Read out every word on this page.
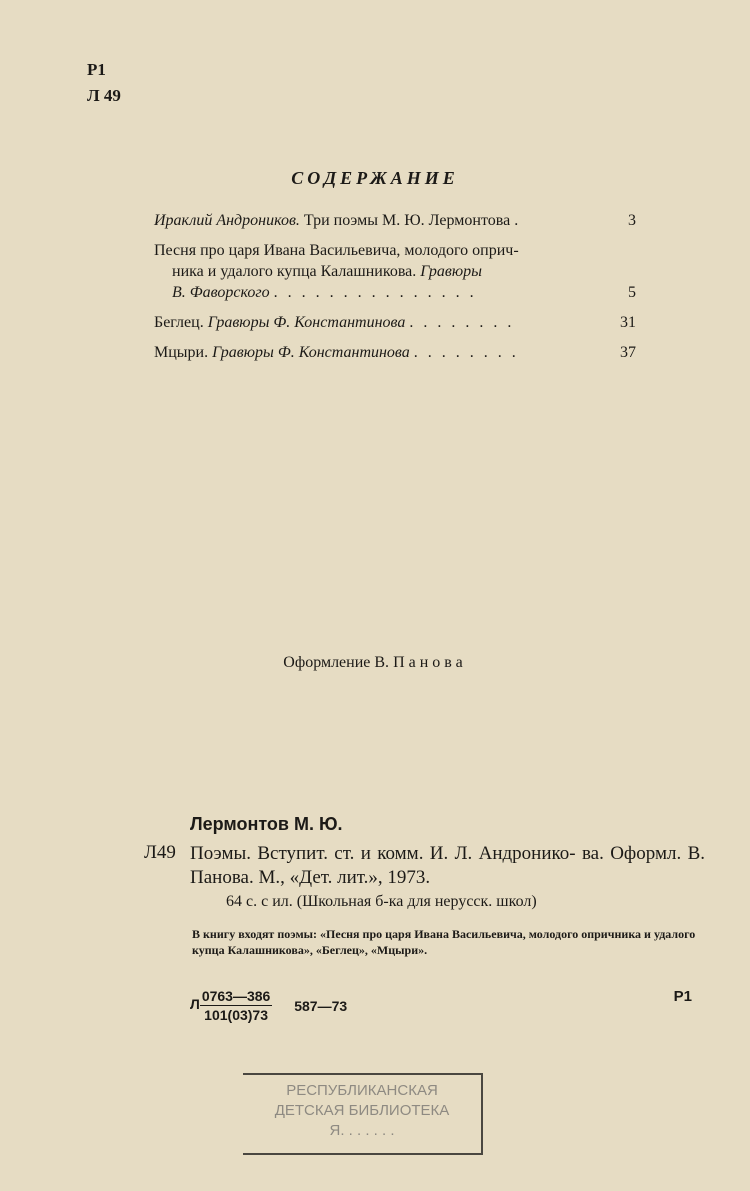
Р1
Л 49
СОДЕРЖАНИЕ
Ираклий Андроников. Три поэмы М. Ю. Лермонтова .	3
Песня про царя Ивана Васильевича, молодого оприч-
ника и удалого купца Калашникова. Гравюры
В. Фаворского . . . . . . . . . . . . . . .	5
Беглец. Гравюры Ф. Константинова . . . . . . . .	31
Мцыри. Гравюры Ф. Константинова . . . . . . . .	37
Оформление В. Панова
Лермонтов М. Ю.
Л49 Поэмы. Вступит. ст. и комм. И. Л. Андронико- ва. Оформл. В. Панова. М., «Дет. лит.», 1973.
64 с. с ил. (Школьная б-ка для нерусск. школ)
В книгу входят поэмы: «Песня про царя Ивана Васильевича, молодого опричника и удалого купца Калашникова», «Беглец», «Мцыри».
Л $\frac{0763—386}{101(03)73}$ 587—73
Р1
РЕСПУБЛИКАНСКАЯ
ДЕТСКАЯ БИБЛИОТЕКА
Я. . . . . . .
